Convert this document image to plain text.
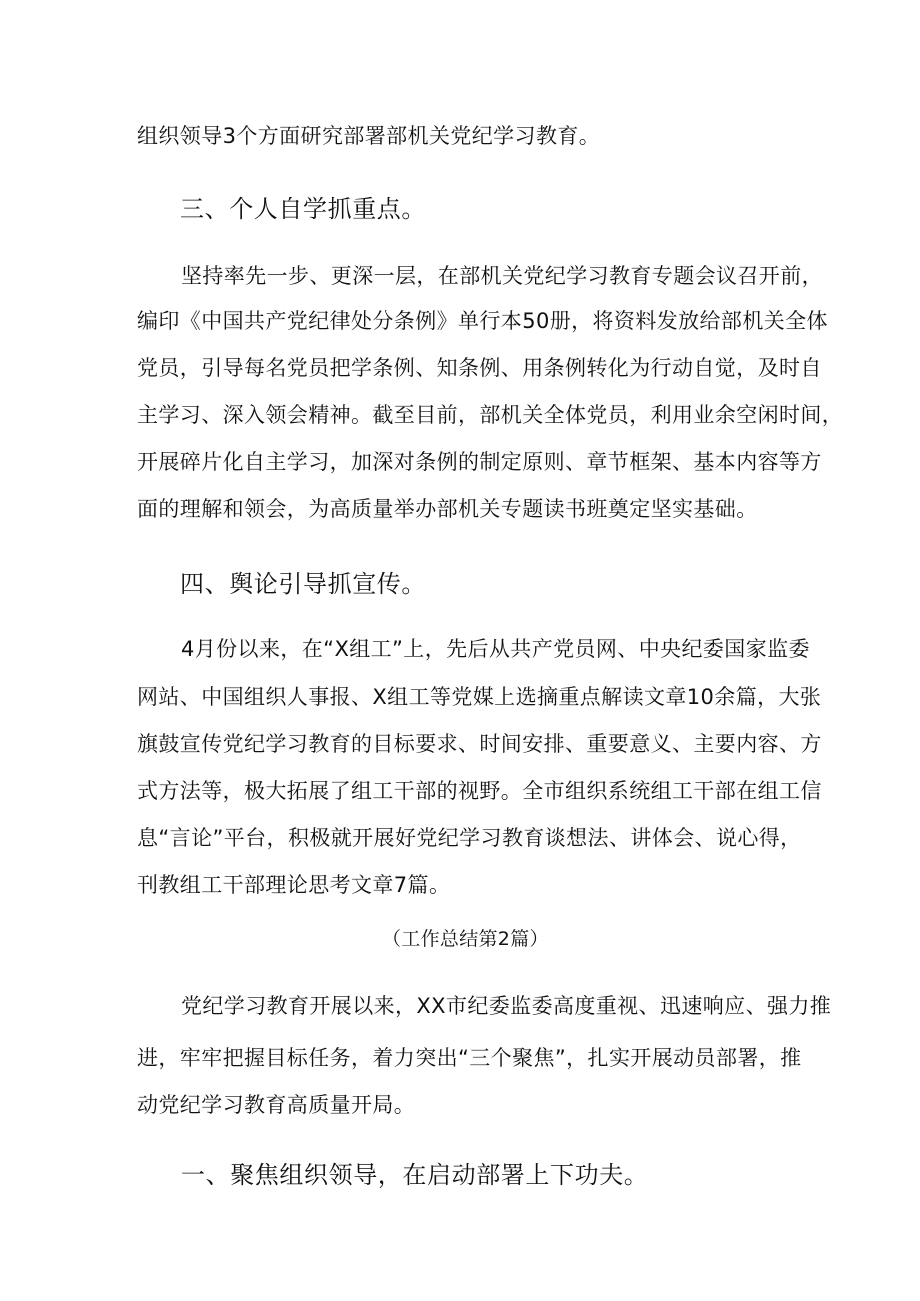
组织领导3个方面研究部署部机关党纪学习教育。
三、个人自学抓重点。
坚持率先一步、更深一层，在部机关党纪学习教育专题会议召开前，
编印《中国共产党纪律处分条例》单行本50册，将资料发放给部机关全体
党员，引导每名党员把学条例、知条例、用条例转化为行动自觉，及时自
主学习、深入领会精神。截至目前，部机关全体党员，利用业余空闲时间，
开展碎片化自主学习，加深对条例的制定原则、章节框架、基本内容等方
面的理解和领会，为高质量举办部机关专题读书班奠定坚实基础。
四、舆论引导抓宣传。
4月份以来，在“X组工”上，先后从共产党员网、中央纪委国家监委
网站、中国组织人事报、X组工等党媒上选摘重点解读文章10余篇，大张
旗鼓宣传党纪学习教育的目标要求、时间安排、重要意义、主要内容、方
式方法等，极大拓展了组工干部的视野。全市组织系统组工干部在组工信
息“言论”平台，积极就开展好党纪学习教育谈想法、讲体会、说心得，
刊教组工干部理论思考文章7篇。
（工作总结第2篇）
党纪学习教育开展以来，XX市纪委监委高度重视、迅速响应、强力推
进，牢牢把握目标任务，着力突出“三个聚焦”，扎实开展动员部署，推
动党纪学习教育高质量开局。
一、聚焦组织领导，在启动部署上下功夫。
